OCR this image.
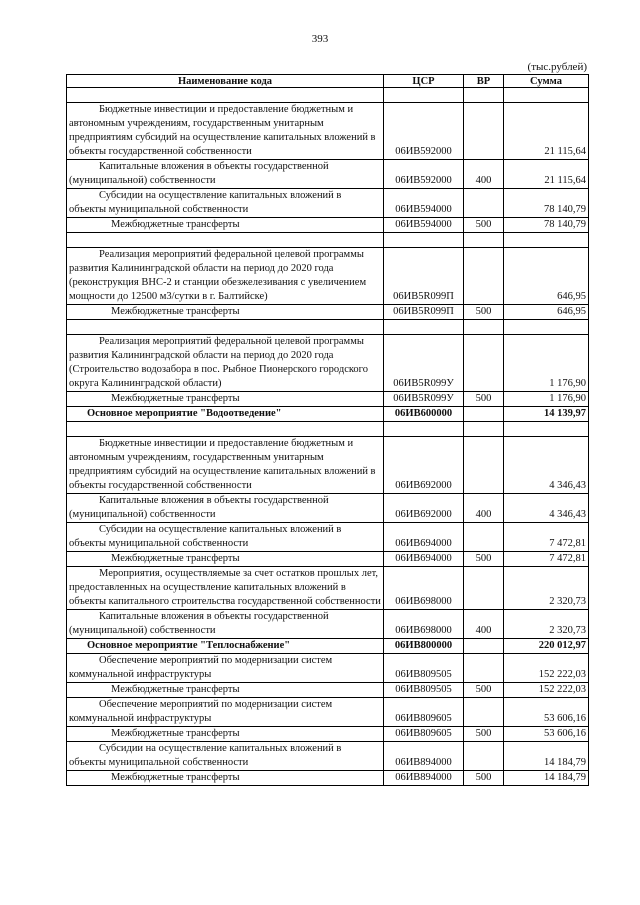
393
(тыс.рублей)
Наименование кода	ЦСР	ВР	Сумма

Бюджетные инвестиции и предоставление бюджетным и автономным учреждениям, государственным унитарным предприятиям субсидий на осуществление капитальных вложений в объекты государственной собственности	06ИВ592000		21 115,64
Капитальные вложения в объекты государственной (муниципальной) собственности	06ИВ592000	400	21 115,64
Субсидии на осуществление капитальных вложений в объекты муниципальной собственности	06ИВ594000		78 140,79
Межбюджетные трансферты	06ИВ594000	500	78 140,79

Реализация мероприятий федеральной целевой программы развития Калининградской области на период до 2020 года (реконструкция ВНС-2 и станции обезжелезивания с увеличением мощности до 12500 м3/сутки в г. Балтийске)	06ИВ5R099П		646,95
Межбюджетные трансферты	06ИВ5R099П	500	646,95

Реализация мероприятий федеральной целевой программы развития Калининградской области на период до 2020 года (Строительство водозабора в пос. Рыбное Пионерского городского округа Калининградской области)	06ИВ5R099У		1 176,90
Межбюджетные трансферты	06ИВ5R099У	500	1 176,90
Основное мероприятие "Водоотведение"	06ИВ600000		14 139,97

Бюджетные инвестиции и предоставление бюджетным и автономным учреждениям, государственным унитарным предприятиям субсидий на осуществление капитальных вложений в объекты государственной собственности	06ИВ692000		4 346,43
Капитальные вложения в объекты государственной (муниципальной) собственности	06ИВ692000	400	4 346,43
Субсидии на осуществление капитальных вложений в объекты муниципальной собственности	06ИВ694000		7 472,81
Межбюджетные трансферты	06ИВ694000	500	7 472,81
Мероприятия, осуществляемые за счет остатков прошлых лет, предоставленных на осуществление капитальных вложений в объекты капитального строительства государственной собственности	06ИВ698000		2 320,73
Капитальные вложения в объекты государственной (муниципальной) собственности	06ИВ698000	400	2 320,73
Основное мероприятие "Теплоснабжение"	06ИВ800000		220 012,97
Обеспечение мероприятий по модернизации систем коммунальной инфраструктуры	06ИВ809505		152 222,03
Межбюджетные трансферты	06ИВ809505	500	152 222,03
Обеспечение мероприятий по модернизации систем коммунальной инфраструктуры	06ИВ809605		53 606,16
Межбюджетные трансферты	06ИВ809605	500	53 606,16
Субсидии на осуществление капитальных вложений в объекты муниципальной собственности	06ИВ894000		14 184,79
Межбюджетные трансферты	06ИВ894000	500	14 184,79
